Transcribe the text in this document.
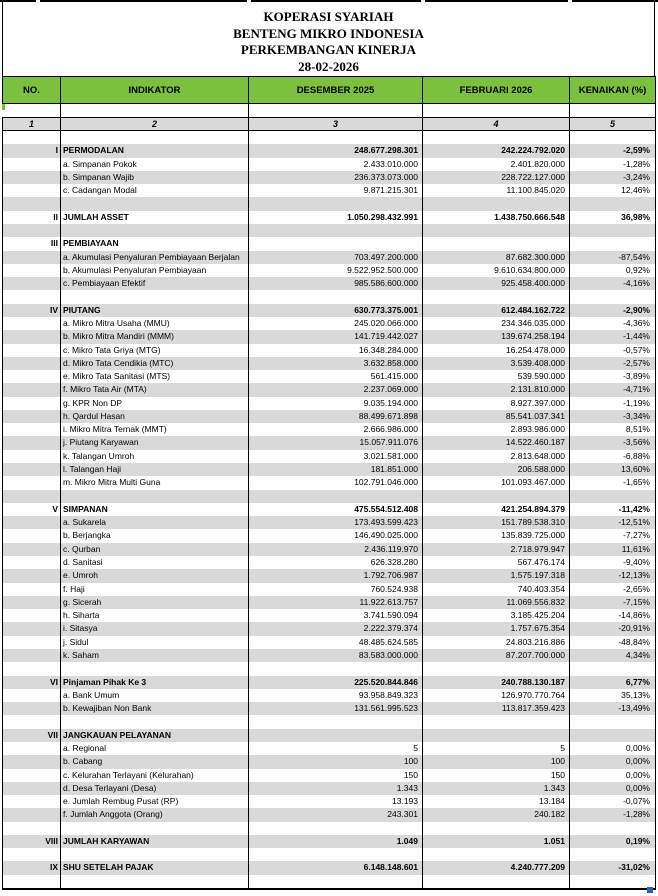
KOPERASI SYARIAH
BENTENG MIKRO INDONESIA
PERKEMBANGAN KINERJA
28-02-2026
NO.	INDIKATOR	DESEMBER 2025	FEBRUARI 2026	KENAIKAN (%)
1	2	3	4	5
I PERMODALAN	248.677.298.301	242.224.792.020	-2,59%
a. Simpanan Pokok	2.433.010.000	2.401.820.000	-1,28%
b. Simpanan Wajib	236.373.073.000	228.722.127.000	-3,24%
c. Cadangan Modal	9.871.215.301	11.100.845.020	12,46%
II JUMLAH ASSET	1.050.298.432.991	1.438.750.666.548	36,98%
III PEMBIAYAAN
a. Akumulasi Penyaluran Pembiayaan Berjalan	703.497.200.000	87.682.300.000	-87,54%
b. Akumulasi Penyaluran Pembiayaan	9.522.952.500.000	9.610.634.800.000	0,92%
c. Pembiayaan Efektif	985.586.600.000	925.458.400.000	-4,16%
IV PIUTANG	630.773.375.001	612.484.162.722	-2,90%
a. Mikro Mitra Usaha (MMU)	245.020.066.000	234.346.035.000	-4,36%
b. Mikro Mitra Mandiri (MMM)	141.719.442.027	139.674.258.194	-1,44%
c. Mikro Tata Griya (MTG)	16.348.284.000	16.254.478.000	-0,57%
d. Mikro Tata Cendikia (MTC)	3.632.858.000	3.539.408.000	-2,57%
e. Mikro Tata Sanitasi (MTS)	561.415.000	539.590.000	-3,89%
f. Mikro Tata Air (MTA)	2.237.069.000	2.131.810.000	-4,71%
g. KPR Non DP	9.035.194.000	8.927.397.000	-1,19%
h. Qardul Hasan	88.499.671.898	85.541.037.341	-3,34%
i. Mikro Mitra Ternak (MMT)	2.666.986.000	2.893.986.000	8,51%
j. Piutang Karyawan	15.057.911.076	14.522.460.187	-3,56%
k. Talangan Umroh	3.021.581.000	2.813.648.000	-6,88%
l. Talangan Haji	181.851.000	206.588.000	13,60%
m. Mikro Mitra Multi Guna	102.791.046.000	101.093.467.000	-1,65%
V SIMPANAN	475.554.512.408	421.254.894.379	-11,42%
a. Sukarela	173.493.599.423	151.789.538.310	-12,51%
b. Berjangka	146.490.025.000	135.839.725.000	-7,27%
c. Qurban	2.436.119.970	2.718.979.947	11,61%
d. Sanitasi	626.328.280	567.476.174	-9,40%
e. Umroh	1.792.706.987	1.575.197.318	-12,13%
f. Haji	760.524.938	740.403.354	-2,65%
g. Sicerah	11.922.613.757	11.069.556.832	-7,15%
h. Siharta	3.741.590.094	3.185.425.204	-14,86%
i. Sitasya	2.222.379.374	1.757.675.354	-20,91%
j. Sidul	48.485.624.585	24.803.216.886	-48,84%
k. Saham	83.583.000.000	87.207.700.000	4,34%
VI Pinjaman Pihak Ke 3	225.520.844.846	240.788.130.187	6,77%
a. Bank Umum	93.958.849.323	126.970.770.764	35,13%
b. Kewajiban Non Bank	131.561.995.523	113.817.359.423	-13,49%
VII JANGKAUAN PELAYANAN
a. Regional	5	5	0,00%
b. Cabang	100	100	0,00%
c. Kelurahan Terlayani (Kelurahan)	150	150	0,00%
d. Desa Terlayani (Desa)	1.343	1.343	0,00%
e. Jumlah Rembug Pusat (RP)	13.193	13.184	-0,07%
f. Jumlah Anggota (Orang)	243.301	240.182	-1,28%
VIII JUMLAH KARYAWAN	1.049	1.051	0,19%
IX SHU SETELAH PAJAK	6.148.148.601	4.240.777.209	-31,02%
